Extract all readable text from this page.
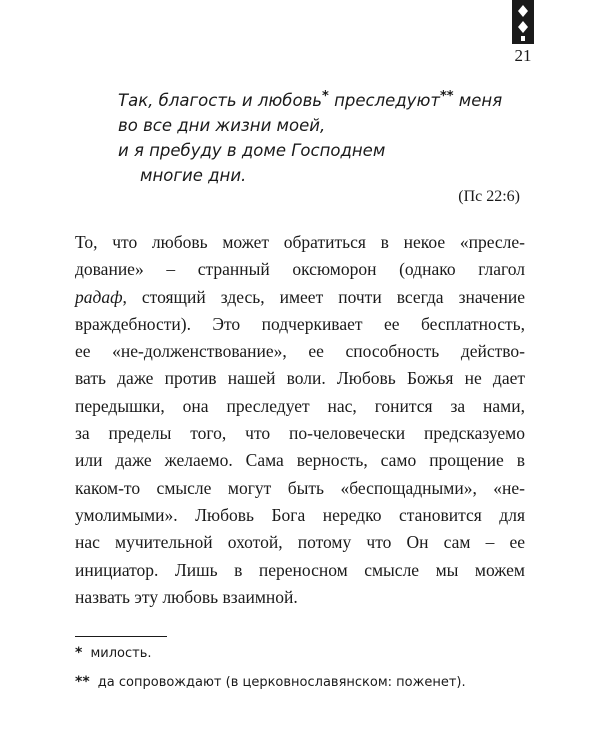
21
Так, благость и любовь* преследуют** меня
во все дни жизни моей,
и я пребуду в доме Господнем
многие дни.
(Пс 22:6)
То, что любовь может обратиться в некое «пресле-
дование» – странный оксюморон (однако глагол
радаф, стоящий здесь, имеет почти всегда значение
враждебности). Это подчеркивает ее бесплатность,
ее «не-долженствование», ее способность действо-
вать даже против нашей воли. Любовь Божья не дает
передышки, она преследует нас, гонится за нами,
за пределы того, что по-человечески предсказуемо
или даже желаемо. Сама верность, само прощение в
каком-то смысле могут быть «беспощадными», «не-
умолимыми». Любовь Бога нередко становится для
нас мучительной охотой, потому что Он сам – ее
инициатор. Лишь в переносном смысле мы можем
назвать эту любовь взаимной.
* милость.
** да сопровождают (в церковнославянском: поженет).
